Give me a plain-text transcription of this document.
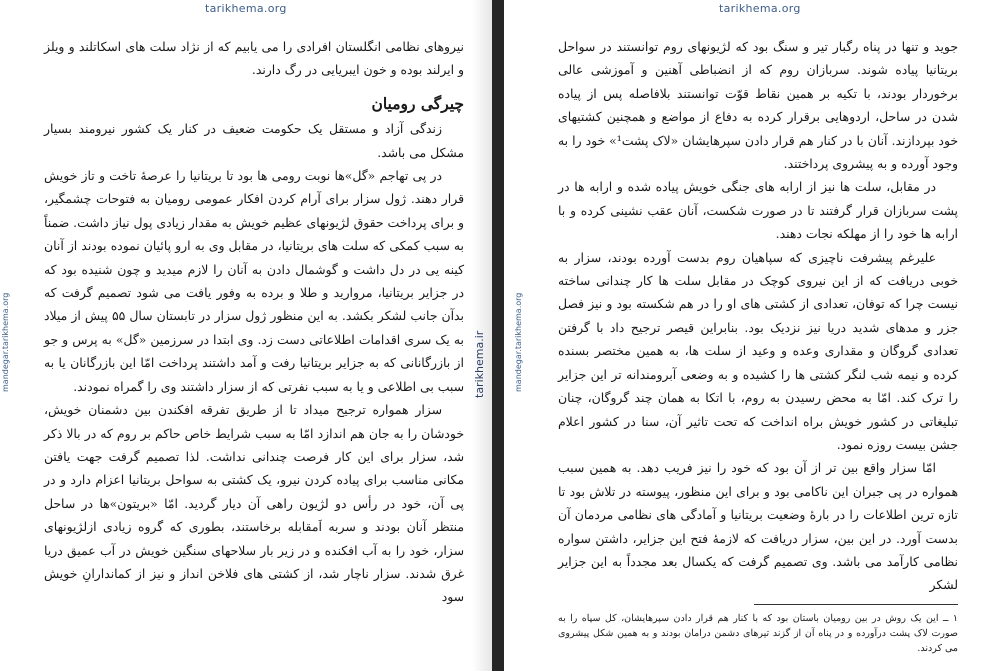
tarikhema.org
mandegar.tarikhema.org

نیروهای نظامی انگلستان افرادی را می یابیم که از نژاد سلت های اسکاتلند و ویلز و ایرلند بوده و خون ایبریایی در رگ دارند.

چیرگی رومیان

زندگی آزاد و مستقل یک حکومت ضعیف در کنار یک کشور نیرومند بسیار مشکل می باشد.

در پی تهاجم «گل»ها نوبت رومی ها بود تا بریتانیا را عرصهٔ تاخت و تاز خویش قرار دهند. ژول سزار برای آرام کردن افکار عمومی رومیان به فتوحات چشمگیر، و برای پرداخت حقوق لژیونهای عظیم خویش به مقدار زیادی پول نیاز داشت. ضمناً به سبب کمکی که سلت های بریتانیا، در مقابل وی به ارو پائیان نموده بودند از آنان کینه یی در دل داشت و گوشمال دادن به آنان را لازم میدید و چون شنیده بود که در جزایر بریتانیا، مروارید و طلا و برده به وفور یافت می شود تصمیم گرفت که بدآن جانب لشکر بکشد. به این منظور ژول سزار در تابستان سال ۵۵ پیش از میلاد به یک سری اقدامات اطلاعاتی دست زد. وی ابتدا در سرزمین «گل» به پرس و جو از بازرگانانی که به جزایر بریتانیا رفت و آمد داشتند پرداخت امّا این بازرگانان یا به سبب بی اطلاعی و یا به سبب نفرتی که از سزار داشتند وی را گمراه نمودند.

سزار همواره ترجیح میداد تا از طریق تفرقه افکندن بین دشمنان خویش، خودشان را به جان هم اندازد امّا به سبب شرایط خاص حاکم بر روم که در بالا ذکر شد، سزار برای این کار فرصت چندانی نداشت. لذا تصمیم گرفت جهت یافتن مکانی مناسب برای پیاده کردن نیرو، یک کشتی به سواحل بریتانیا اعزام دارد و در پی آن، خود در رأس دو لژیون راهی آن دیار گردید. امّا «بریتون»ها در ساحل منتظر آنان بودند و سربه اَمقابله برخاستند، بطوری که گروه زیادی ازلژیونهای سزار، خود را به آب افکنده و در زیر بار سلاحهای سنگین خویش در آب عمیق دریا غرق شدند. سزار ناچار شد، از کشتی های فلاخن انداز و نیز از کماندارانِ خویش سود

tarikhema.ir
tarikhema.org
mandegar.tarikhema.org

جوید و تنها در پناه رگبار تیر و سنگ بود که لژیونهای روم توانستند در سواحل بریتانیا پیاده شوند. سربازان روم که از انضباطی آهنین و آموزشی عالی برخوردار بودند، با تکیه بر همین نقاط قوّت توانستند بلافاصله پس از پیاده شدن در ساحل، اردوهایی برقرار کرده به دفاع از مواضع و همچنین کشتیهای خود بپردازند. آنان با در کنار هم قرار دادن سپرهایشان «لاک پشت¹» خود را به وجود آورده و به پیشروی پرداختند.

در مقابل، سلت ها نیز از ارابه های جنگی خویش پیاده شده و ارابه ها در پشت سربازان قرار گرفتند تا در صورت شکست، آنان عقب نشینی کرده و با ارابه ها خود را از مهلکه نجات دهند.

علیرغم پیشرفت ناچیزی که سپاهیان روم بدست آورده بودند، سزار به خوبی دریافت که از این نیروی کوچک در مقابل سلت ها کار چندانی ساخته نیست چرا که توفان، تعدادی از کشتی های او را در هم شکسته بود و نیز فصل جزر و مدهای شدید دریا نیز نزدیک بود. بنابراین قیصر ترجیح داد با گرفتن تعدادی گروگان و مقداری وعده و وعید از سلت ها، به همین مختصر بسنده کرده و نیمه شب لنگر کشتی ها را کشیده و به وضعی آبرومندانه تر این جزایر را ترک کند. امّا به محض رسیدن به روم، با اتکا به همان چند گروگان، چنان تبلیغاتی در کشور خویش براه انداخت که تحت تاثیر آن، سنا در کشور اعلام جشن بیست روزه نمود.

امّا سزار واقع بین تر از آن بود که خود را نیز فریب دهد. به همین سبب همواره در پی جبران این ناکامی بود و برای این منظور، پیوسته در تلاش بود تا تازه ترین اطلاعات را در بارهٔ وضعیت بریتانیا و آمادگی های نظامی مردمان آن بدست آورد. در این بین، سزار دریافت که لازمهٔ فتح این جزایر، داشتن سواره نظامی کارآمد می باشد. وی تصمیم گرفت که یکسال بعد مجدداً به این جزایر لشکر

۱ ــ این یک روش در بین رومیان باستان بود که با کنار هم قرار دادن سپرهایشان، کل سپاه را به صورت لاک پشت درآورده و در پناه آن از گزند تیرهای دشمن درامان بودند و به همین شکل پیشروی می کردند.
